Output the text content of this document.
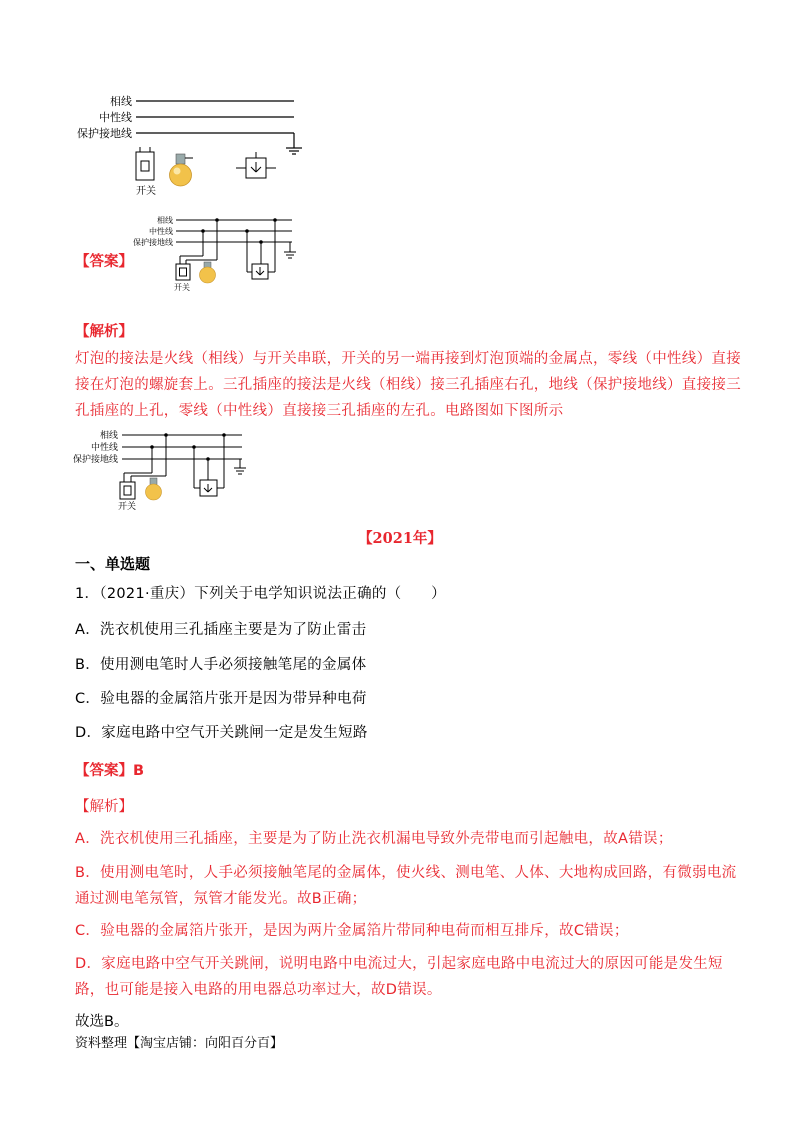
相线
中性线
保护接地线
开关
相线
中性线
保护接地线
开关
【答案】
【解析】
灯泡的接法是火线（相线）与开关串联，开关的另一端再接到灯泡顶端的金属点，零线（中性线）直接接在灯泡的螺旋套上。三孔插座的接法是火线（相线）接三孔插座右孔，地线（保护接地线）直接接三孔插座的上孔，零线（中性线）直接接三孔插座的左孔。电路图如下图所示
相线
中性线
保护接地线
开关
【2021年】
一、单选题
1．（2021·重庆）下列关于电学知识说法正确的（　　）
A．洗衣机使用三孔插座主要是为了防止雷击
B．使用测电笔时人手必须接触笔尾的金属体
C．验电器的金属箔片张开是因为带异种电荷
D．家庭电路中空气开关跳闸一定是发生短路
【答案】B
【解析】
A．洗衣机使用三孔插座，主要是为了防止洗衣机漏电导致外壳带电而引起触电，故A错误；
B．使用测电笔时，人手必须接触笔尾的金属体，使火线、测电笔、人体、大地构成回路，有微弱电流通过测电笔氖管，氖管才能发光。故B正确；
C．验电器的金属箔片张开，是因为两片金属箔片带同种电荷而相互排斥，故C错误；
D．家庭电路中空气开关跳闸，说明电路中电流过大，引起家庭电路中电流过大的原因可能是发生短路，也可能是接入电路的用电器总功率过大，故D错误。
故选B。
资料整理【淘宝店铺：向阳百分百】
